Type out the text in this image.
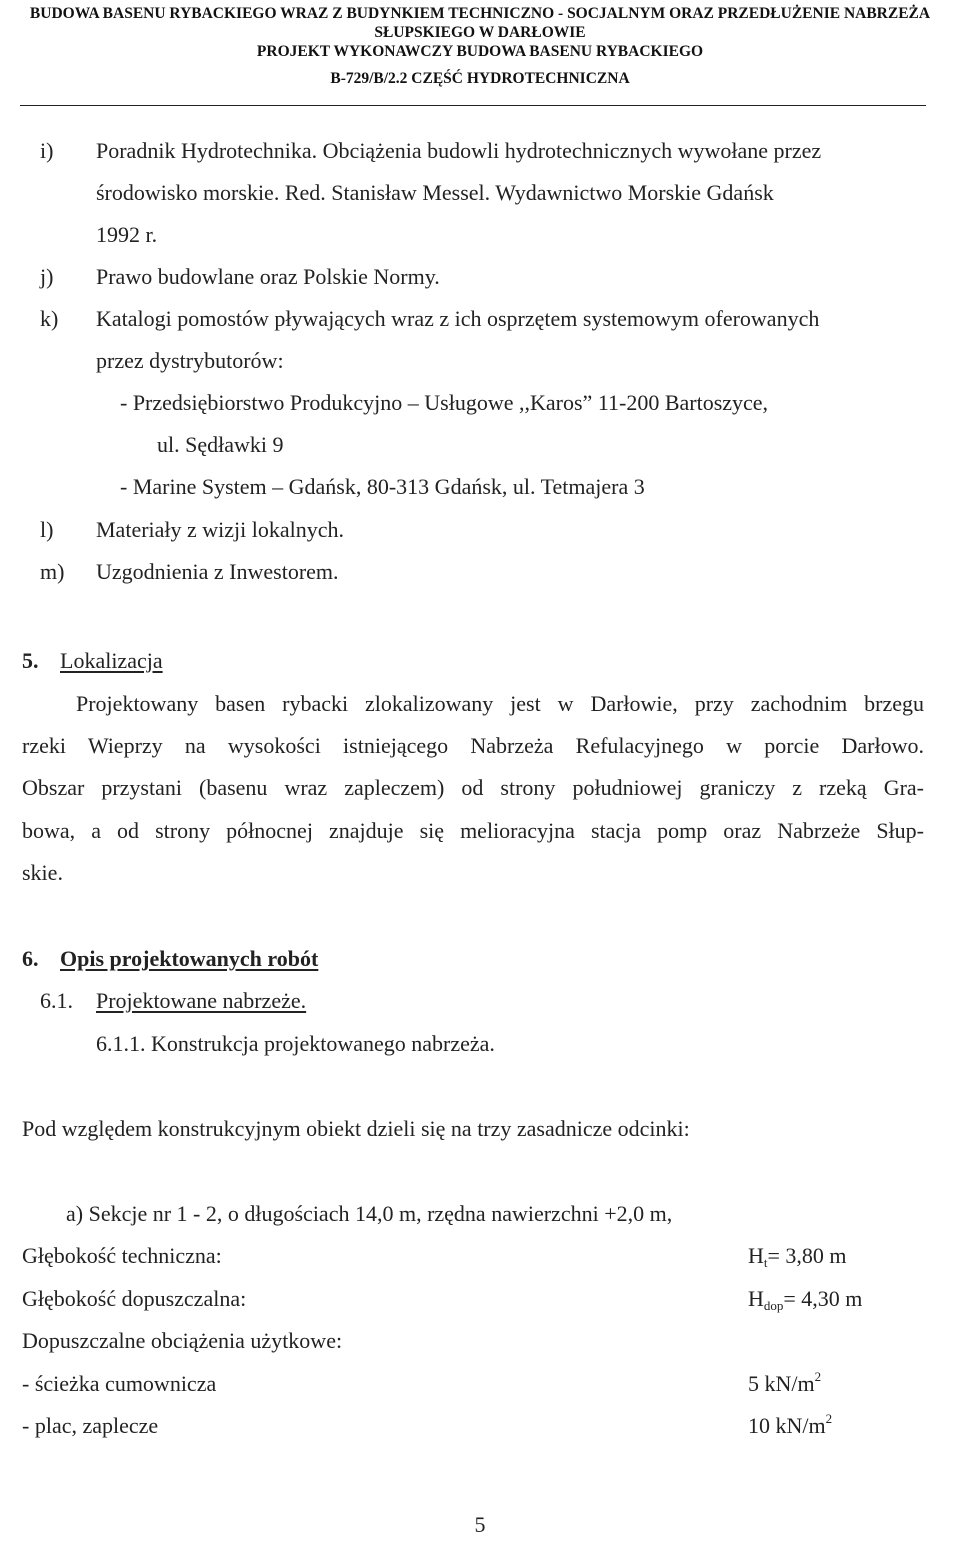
BUDOWA BASENU RYBACKIEGO WRAZ Z BUDYNKIEM TECHNICZNO - SOCJALNYM ORAZ PRZEDŁUŻENIE NABRZEŻA
SŁUPSKIEGO W DARŁOWIE
PROJEKT WYKONAWCZY BUDOWA BASENU RYBACKIEGO
B-729/B/2.2 CZĘŚĆ HYDROTECHNICZNA
i) Poradnik Hydrotechnika. Obciążenia budowli hydrotechnicznych wywołane przez
środowisko morskie. Red. Stanisław Messel. Wydawnictwo Morskie Gdańsk
1992 r.
j) Prawo budowlane oraz Polskie Normy.
k) Katalogi pomostów pływających wraz z ich osprzętem systemowym oferowanych
przez dystrybutorów:
- Przedsiębiorstwo Produkcyjno – Usługowe ,,Karos” 11-200 Bartoszyce,
ul. Sędławki 9
- Marine System – Gdańsk, 80-313 Gdańsk, ul. Tetmajera 3
l) Materiały z wizji lokalnych.
m) Uzgodnienia z Inwestorem.
5. Lokalizacja
Projektowany basen rybacki zlokalizowany jest w Darłowie, przy zachodnim brzegu
rzeki Wieprzy na wysokości istniejącego Nabrzeża Refulacyjnego w porcie Darłowo.
Obszar przystani (basenu wraz zapleczem) od strony południowej graniczy z rzeką Gra-
bowa, a od strony północnej znajduje się melioracyjna stacja pomp oraz Nabrzeże Słup-
skie.
6. Opis projektowanych robót
6.1. Projektowane nabrzeże.
6.1.1. Konstrukcja projektowanego nabrzeża.
Pod względem konstrukcyjnym obiekt dzieli się na trzy zasadnicze odcinki:
a) Sekcje nr 1 - 2, o długościach 14,0 m, rzędna nawierzchni +2,0 m,
Głębokość techniczna:	$H_t= 3,80$ m
Głębokość dopuszczalna:	$H_{dop}= 4,30$ m
Dopuszczalne obciążenia użytkowe:
- ścieżka cumownicza	5 $kN/m^2$
- plac, zaplecze	10 $kN/m^2$
5
